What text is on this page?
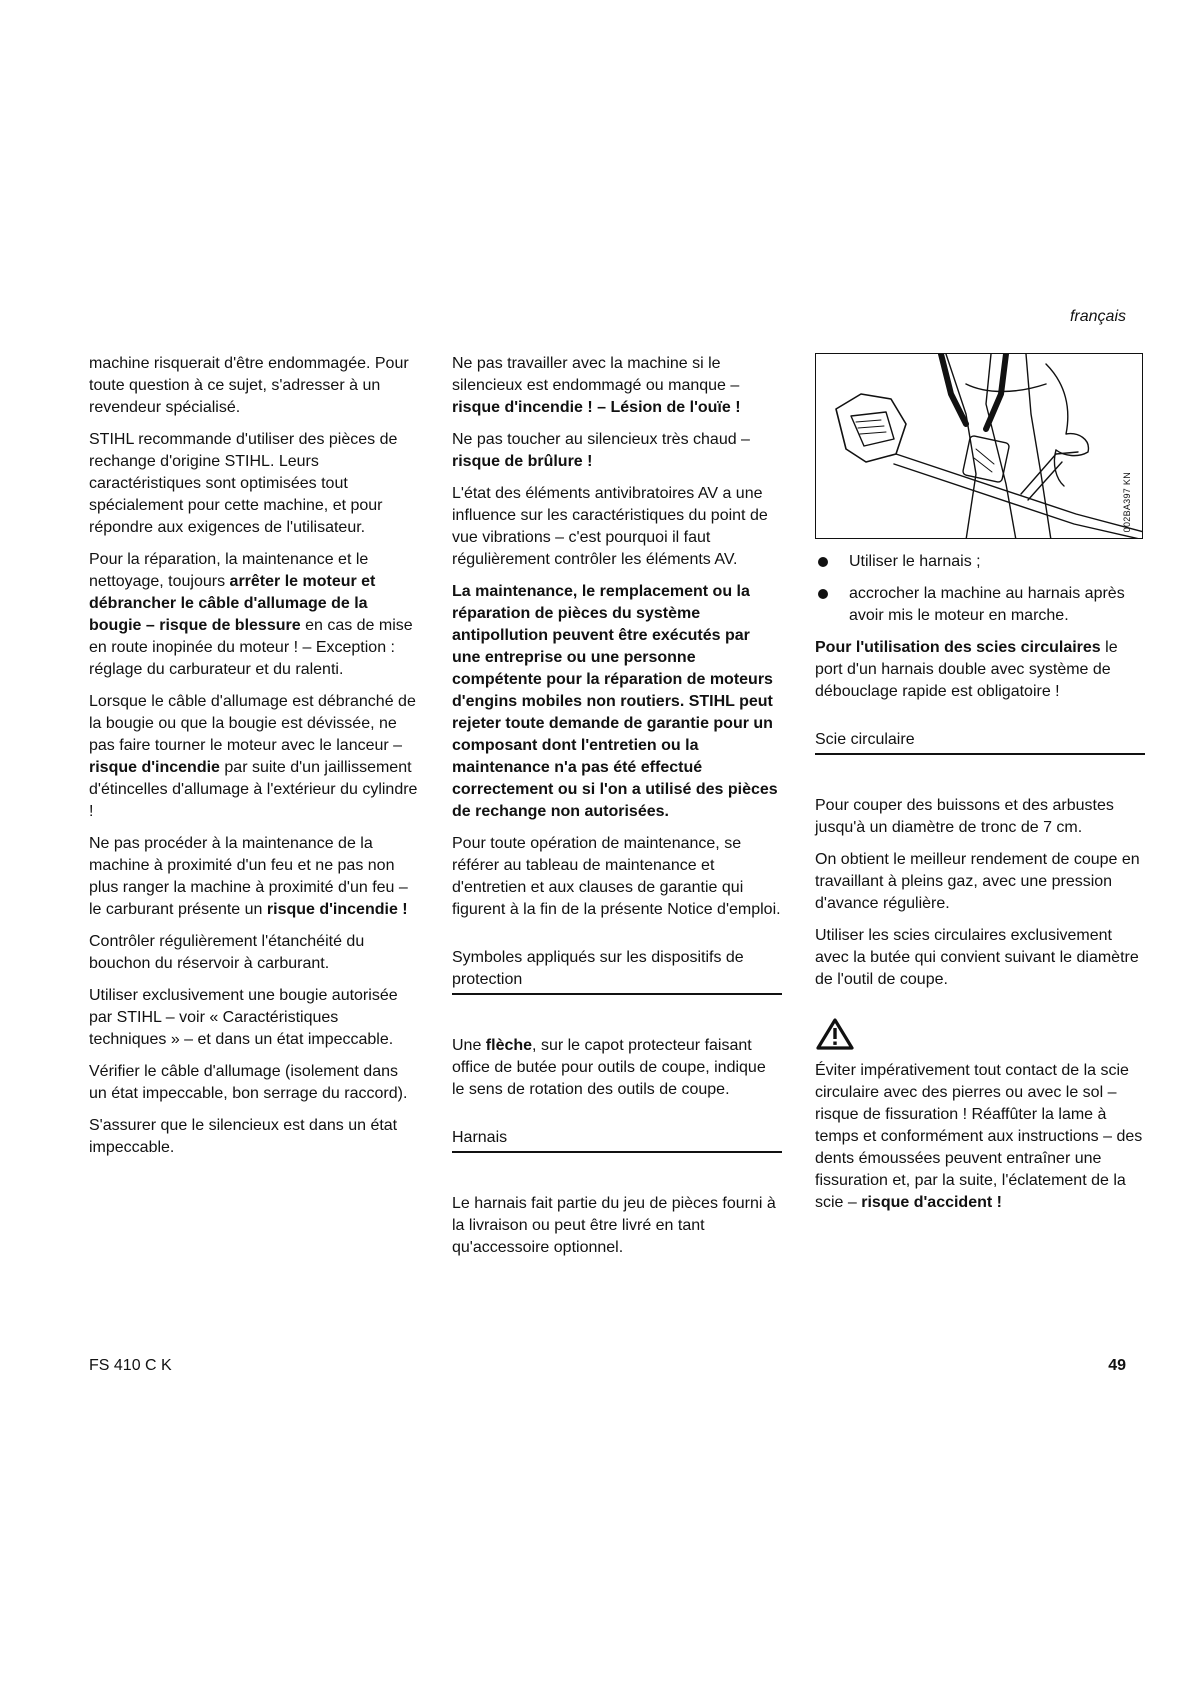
français

machine risquerait d'être endommagée. Pour toute question à ce sujet, s'adresser à un revendeur spécialisé.

STIHL recommande d'utiliser des pièces de rechange d'origine STIHL. Leurs caractéristiques sont optimisées tout spécialement pour cette machine, et pour répondre aux exigences de l'utilisateur.

Pour la réparation, la maintenance et le nettoyage, toujours arrêter le moteur et débrancher le câble d'allumage de la bougie – risque de blessure en cas de mise en route inopinée du moteur ! – Exception : réglage du carburateur et du ralenti.

Lorsque le câble d'allumage est débranché de la bougie ou que la bougie est dévissée, ne pas faire tourner le moteur avec le lanceur – risque d'incendie par suite d'un jaillissement d'étincelles d'allumage à l'extérieur du cylindre !

Ne pas procéder à la maintenance de la machine à proximité d'un feu et ne pas non plus ranger la machine à proximité d'un feu – le carburant présente un risque d'incendie !

Contrôler régulièrement l'étanchéité du bouchon du réservoir à carburant.

Utiliser exclusivement une bougie autorisée par STIHL – voir « Caractéristiques techniques » – et dans un état impeccable.

Vérifier le câble d'allumage (isolement dans un état impeccable, bon serrage du raccord).

S'assurer que le silencieux est dans un état impeccable.

Ne pas travailler avec la machine si le silencieux est endommagé ou manque – risque d'incendie ! – Lésion de l'ouïe !

Ne pas toucher au silencieux très chaud – risque de brûlure !

L'état des éléments antivibratoires AV a une influence sur les caractéristiques du point de vue vibrations – c'est pourquoi il faut régulièrement contrôler les éléments AV.

La maintenance, le remplacement ou la réparation de pièces du système antipollution peuvent être exécutés par une entreprise ou une personne compétente pour la réparation de moteurs d'engins mobiles non routiers. STIHL peut rejeter toute demande de garantie pour un composant dont l'entretien ou la maintenance n'a pas été effectué correctement ou si l'on a utilisé des pièces de rechange non autorisées.

Pour toute opération de maintenance, se référer au tableau de maintenance et d'entretien et aux clauses de garantie qui figurent à la fin de la présente Notice d'emploi.

Symboles appliqués sur les dispositifs de protection

Une flèche, sur le capot protecteur faisant office de butée pour outils de coupe, indique le sens de rotation des outils de coupe.

Harnais

Le harnais fait partie du jeu de pièces fourni à la livraison ou peut être livré en tant qu'accessoire optionnel.

002BA397 KN
Utiliser le harnais ;
accrocher la machine au harnais après avoir mis le moteur en marche.

Pour l'utilisation des scies circulaires le port d'un harnais double avec système de débouclage rapide est obligatoire !

Scie circulaire

Pour couper des buissons et des arbustes jusqu'à un diamètre de tronc de 7 cm.

On obtient le meilleur rendement de coupe en travaillant à pleins gaz, avec une pression d'avance régulière.

Utiliser les scies circulaires exclusivement avec la butée qui convient suivant le diamètre de l'outil de coupe.

Éviter impérativement tout contact de la scie circulaire avec des pierres ou avec le sol – risque de fissuration ! Réaffûter la lame à temps et conformément aux instructions – des dents émoussées peuvent entraîner une fissuration et, par la suite, l'éclatement de la scie – risque d'accident !

FS 410 C K	49
